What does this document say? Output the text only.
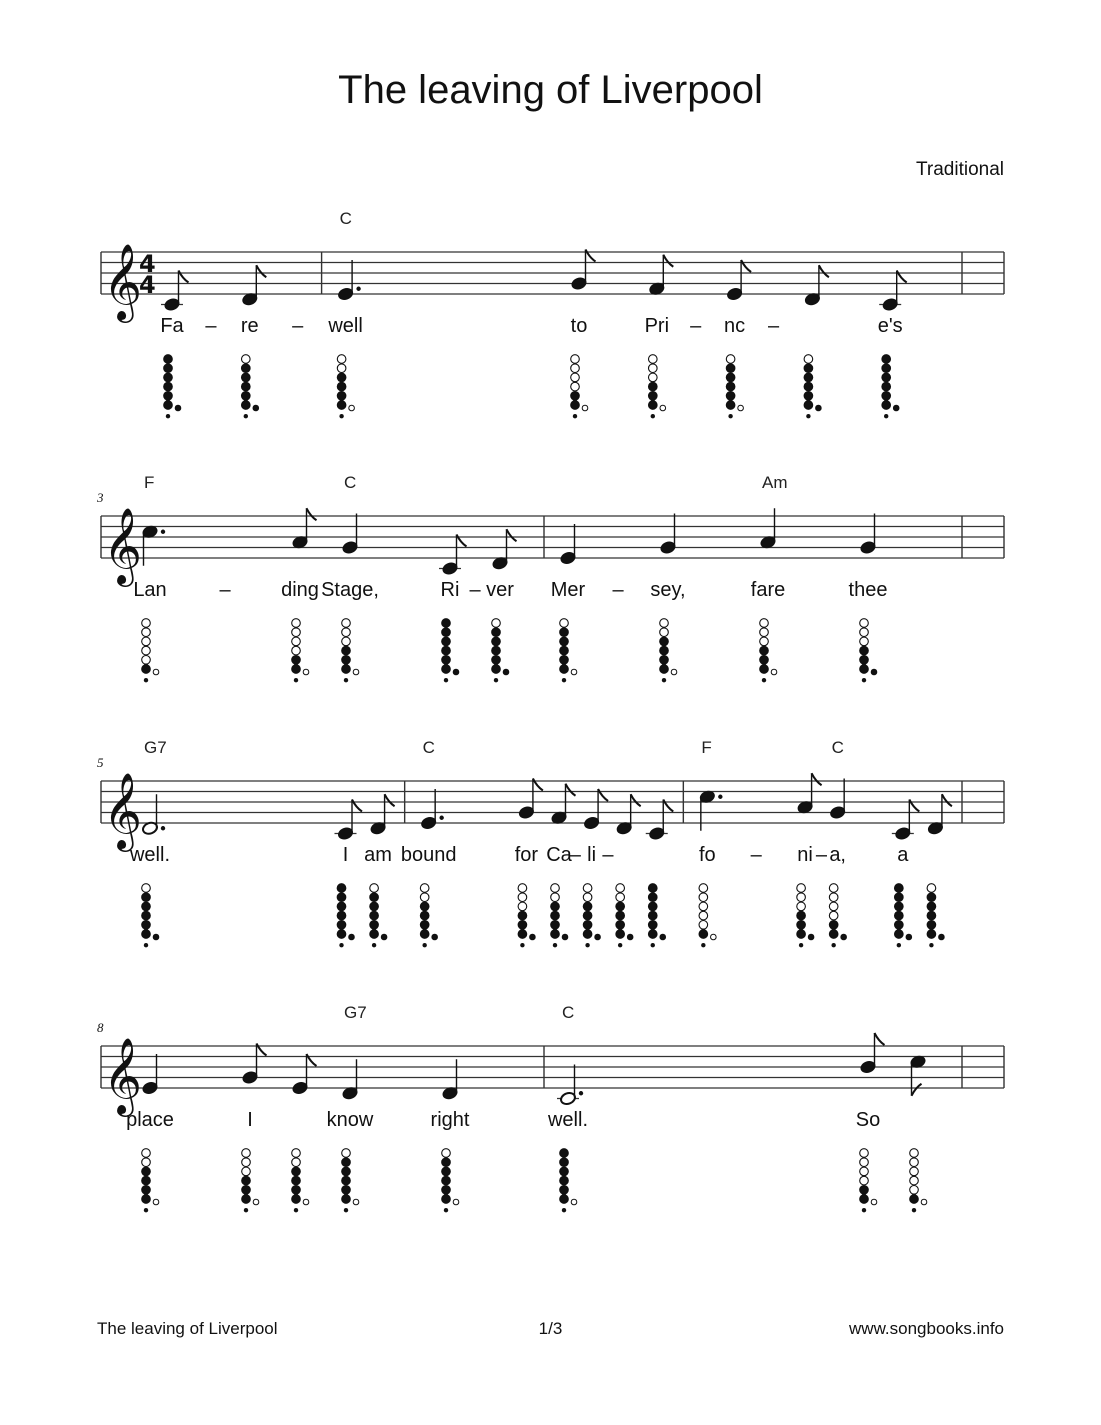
The leaving of Liverpool
Traditional
𝄞
4
4
Fa – re –
C
well	to	Pri – nc –	e's
𝄞
3
F
Lan	–	ding
C
Stage,	Ri – ver Mer – sey,
Am
fare	thee
𝄞
5
G7
well.	I am
C
bound	for Ca
– li –
F
fo – ni –
C
a,	a
𝄞
8
place	I
G7
know	right
C
well.	So
The leaving of Liverpool	1/3	www.songbooks.info
